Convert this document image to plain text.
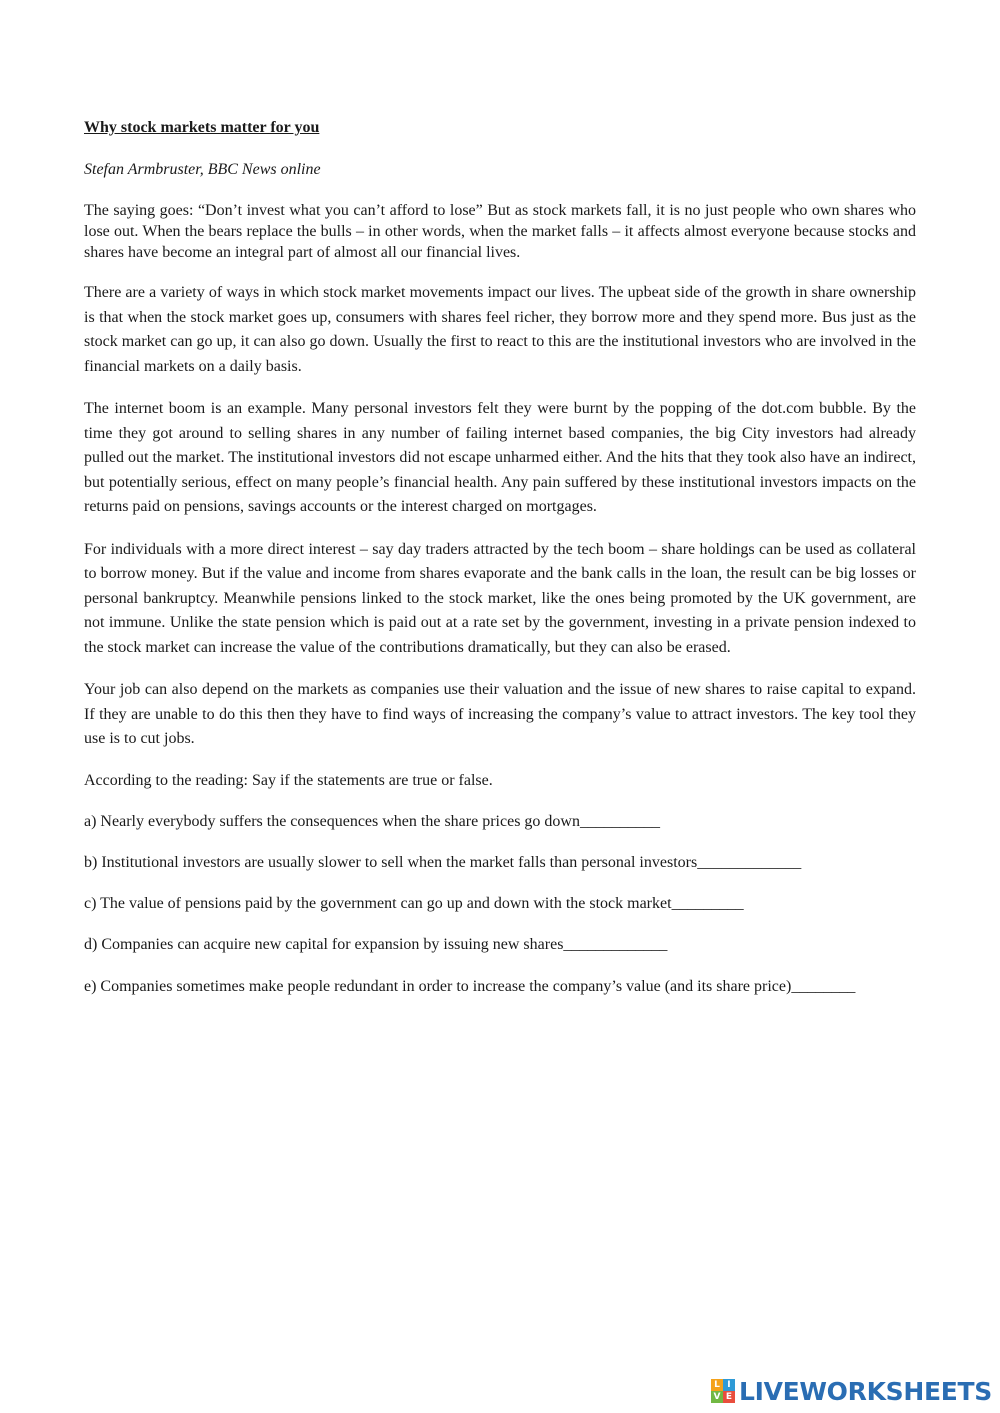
Why stock markets matter for you

Stefan Armbruster, BBC News online

The saying goes: “Don’t invest what you can’t afford to lose” But as stock markets fall, it is no just people who own shares who lose out. When the bears replace the bulls – in other words, when the market falls – it affects almost everyone because stocks and shares have become an integral part of almost all our financial lives.

There are a variety of ways in which stock market movements impact our lives. The upbeat side of the growth in share ownership is that when the stock market goes up, consumers with shares feel richer, they borrow more and they spend more. Bus just as the stock market can go up, it can also go down. Usually the first to react to this are the institutional investors who are involved in the financial markets on a daily basis.

The internet boom is an example. Many personal investors felt they were burnt by the popping of the dot.com bubble. By the time they got around to selling shares in any number of failing internet based companies, the big City investors had already pulled out the market. The institutional investors did not escape unharmed either. And the hits that they took also have an indirect, but potentially serious, effect on many people’s financial health. Any pain suffered by these institutional investors impacts on the returns paid on pensions, savings accounts or the interest charged on mortgages.

For individuals with a more direct interest – say day traders attracted by the tech boom – share holdings can be used as collateral to borrow money. But if the value and income from shares evaporate and the bank calls in the loan, the result can be big losses or personal bankruptcy. Meanwhile pensions linked to the stock market, like the ones being promoted by the UK government, are not immune. Unlike the state pension which is paid out at a rate set by the government, investing in a private pension indexed to the stock market can increase the value of the contributions dramatically, but they can also be erased.

Your job can also depend on the markets as companies use their valuation and the issue of new shares to raise capital to expand. If they are unable to do this then they have to find ways of increasing the company’s value to attract investors. The key tool they use is to cut jobs.

According to the reading: Say if the statements are true or false.

a) Nearly everybody suffers the consequences when the share prices go down__________

b) Institutional investors are usually slower to sell when the market falls than personal investors_____________

c) The value of pensions paid by the government can go up and down with the stock market_________

d) Companies can acquire new capital for expansion by issuing new shares_____________

e) Companies sometimes make people redundant in order to increase the company’s value (and its share price)________

L I
V E LIVEWORKSHEETS
